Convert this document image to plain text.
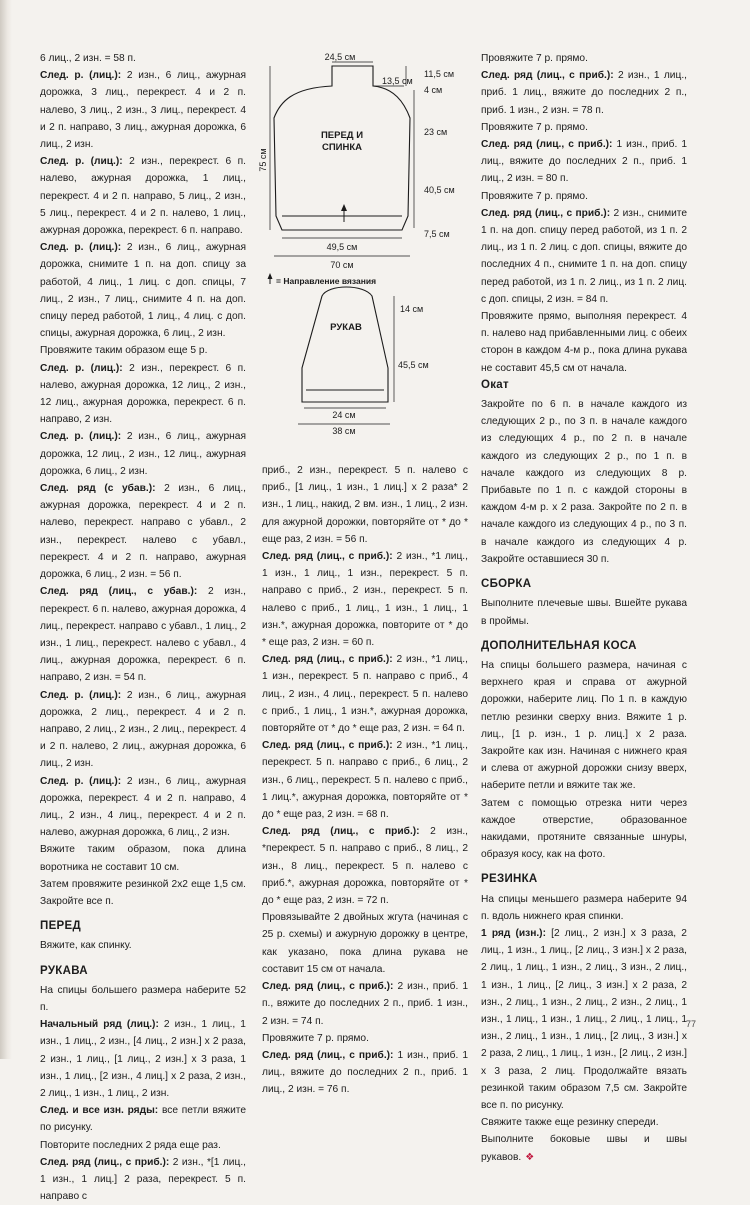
6 лиц., 2 изн. = 58 п.

След. р. (лиц.): 2 изн., 6 лиц., ажурная дорожка, 3 лиц., перекрест. 4 и 2 п. налево, 3 лиц., 2 изн., 3 лиц., перекрест. 4 и 2 п. направо, 3 лиц., ажурная дорожка, 6 лиц., 2 изн.

След. р. (лиц.): 2 изн., перекрест. 6 п. налево, ажурная дорожка, 1 лиц., перекрест. 4 и 2 п. направо, 5 лиц., 2 изн., 5 лиц., перекрест. 4 и 2 п. налево, 1 лиц., ажурная дорожка, перекрест. 6 п. направо.

След. р. (лиц.): 2 изн., 6 лиц., ажурная дорожка, снимите 1 п. на доп. спицу за работой, 4 лиц., 1 лиц. с доп. спицы, 7 лиц., 2 изн., 7 лиц., снимите 4 п. на доп. спицу перед работой, 1 лиц., 4 лиц. с доп. спицы, ажурная дорожка, 6 лиц., 2 изн.

Провяжите таким образом еще 5 р.

След. р. (лиц.): 2 изн., перекрест. 6 п. налево, ажурная дорожка, 12 лиц., 2 изн., 12 лиц., ажурная дорожка, перекрест. 6 п. направо, 2 изн.

След. р. (лиц.): 2 изн., 6 лиц., ажурная дорожка, 12 лиц., 2 изн., 12 лиц., ажурная дорожка, 6 лиц., 2 изн.

След. ряд (с убав.): 2 изн., 6 лиц., ажурная дорожка, перекрест. 4 и 2 п. налево, перекрест. направо с убавл., 2 изн., перекрест. налево с убавл., перекрест. 4 и 2 п. направо, ажурная дорожка, 6 лиц., 2 изн. = 56 п.

След. ряд (лиц., с убав.): 2 изн., перекрест. 6 п. налево, ажурная дорожка, 4 лиц., перекрест. направо с убавл., 1 лиц., 2 изн., 1 лиц., перекрест. налево с убавл., 4 лиц., ажурная дорожка, перекрест. 6 п. направо, 2 изн. = 54 п.

След. р. (лиц.): 2 изн., 6 лиц., ажурная дорожка, 2 лиц., перекрест. 4 и 2 п. направо, 2 лиц., 2 изн., 2 лиц., перекрест. 4 и 2 п. налево, 2 лиц., ажурная дорожка, 6 лиц., 2 изн.

След. р. (лиц.): 2 изн., 6 лиц., ажурная дорожка, перекрест. 4 и 2 п. направо, 4 лиц., 2 изн., 4 лиц., перекрест. 4 и 2 п. налево, ажурная дорожка, 6 лиц., 2 изн.

Вяжите таким образом, пока длина воротника не составит 10 см.

Затем провяжите резинкой 2х2 еще 1,5 см. Закройте все п.

ПЕРЕД

Вяжите, как спинку.

РУКАВА

На спицы большего размера наберите 52 п.

Начальный ряд (лиц.): 2 изн., 1 лиц., 1 изн., 1 лиц., 2 изн., [4 лиц., 2 изн.] х 2 раза, 2 изн., 1 лиц., [1 лиц., 2 изн.] х 3 раза, 1 изн., 1 лиц., [2 изн., 4 лиц.] х 2 раза, 2 изн., 2 лиц., 1 изн., 1 лиц., 2 изн.

След. и все изн. ряды: все петли вяжите по рисунку.

Повторите последних 2 ряда еще раз.

След. ряд (лиц., с приб.): 2 изн., *[1 лиц., 1 изн., 1 лиц.] 2 раза, перекрест. 5 п. направо с

24,5 см
13,5 см
11,5 см
4 см
23 см
40,5 см
7,5 см
75 см
49,5 см
70 см
ПЕРЕД И
СПИНКА
= Направление вязания
РУКАВ
14 см
45,5 см
24 см
38 см

приб., 2 изн., перекрест. 5 п. налево с приб., [1 лиц., 1 изн., 1 лиц.] х 2 раза* 2 изн., 1 лиц., накид, 2 вм. изн., 1 лиц., 2 изн. для ажурной дорожки, повторяйте от * до * еще раз, 2 изн. = 56 п.

След. ряд (лиц., с приб.): 2 изн., *1 лиц., 1 изн., 1 лиц., 1 изн., перекрест. 5 п. направо с приб., 2 изн., перекрест. 5 п. налево с приб., 1 лиц., 1 изн., 1 лиц., 1 изн.*, ажурная дорожка, повторите от * до * еще раз, 2 изн. = 60 п.

След. ряд (лиц., с приб.): 2 изн., *1 лиц., 1 изн., перекрест. 5 п. направо с приб., 4 лиц., 2 изн., 4 лиц., перекрест. 5 п. налево с приб., 1 лиц., 1 изн.*, ажурная дорожка, повторяйте от * до * еще раз, 2 изн. = 64 п.

След. ряд (лиц., с приб.): 2 изн., *1 лиц., перекрест. 5 п. направо с приб., 6 лиц., 2 изн., 6 лиц., перекрест. 5 п. налево с приб., 1 лиц.*, ажурная дорожка, повторяйте от * до * еще раз, 2 изн. = 68 п.

След. ряд (лиц., с приб.): 2 изн., *перекрест. 5 п. направо с приб., 8 лиц., 2 изн., 8 лиц., перекрест. 5 п. налево с приб.*, ажурная дорожка, повторяйте от * до * еще раз, 2 изн. = 72 п.

Провязывайте 2 двойных жгута (начиная с 25 р. схемы) и ажурную дорожку в центре, как указано, пока длина рукава не составит 15 см от начала.

След. ряд (лиц., с приб.): 2 изн., приб. 1 п., вяжите до последних 2 п., приб. 1 изн., 2 изн. = 74 п.

Провяжите 7 р. прямо.

След. ряд (лиц., с приб.): 1 изн., приб. 1 лиц., вяжите до последних 2 п., приб. 1 лиц., 2 изн. = 76 п.

Провяжите 7 р. прямо.

След. ряд (лиц., с приб.): 2 изн., 1 лиц., приб. 1 лиц., вяжите до последних 2 п., приб. 1 изн., 2 изн. = 78 п.

Провяжите 7 р. прямо.

След. ряд (лиц., с приб.): 1 изн., приб. 1 лиц., вяжите до последних 2 п., приб. 1 лиц., 2 изн. = 80 п.

Провяжите 7 р. прямо.

След. ряд (лиц., с приб.): 2 изн., снимите 1 п. на доп. спицу перед работой, из 1 п. 2 лиц., из 1 п. 2 лиц. с доп. спицы, вяжите до последних 4 п., снимите 1 п. на доп. спицу перед работой, из 1 п. 2 лиц., из 1 п. 2 лиц. с доп. спицы, 2 изн. = 84 п.

Провяжите прямо, выполняя перекрест. 4 п. налево над прибавленными лиц. с обеих сторон в каждом 4-м р., пока длина рукава не составит 45,5 см от начала.

Окат

Закройте по 6 п. в начале каждого из следующих 2 р., по 3 п. в начале каждого из следующих 4 р., по 2 п. в начале каждого из следующих 2 р., по 1 п. в начале каждого из следующих 8 р. Прибавьте по 1 п. с каждой стороны в каждом 4-м р. х 2 раза. Закройте по 2 п. в начале каждого из следующих 4 р., по 3 п. в начале каждого из следующих 4 р. Закройте оставшиеся 30 п.

СБОРКА

Выполните плечевые швы. Вшейте рукава в проймы.

ДОПОЛНИТЕЛЬНАЯ КОСА

На спицы большего размера, начиная с верхнего края и справа от ажурной дорожки, наберите лиц. По 1 п. в каждую петлю резинки сверху вниз. Вяжите 1 р. лиц., [1 р. изн., 1 р. лиц.] х 2 раза. Закройте как изн. Начиная с нижнего края и слева от ажурной дорожки снизу вверх, наберите петли и вяжите так же.

Затем с помощью отрезка нити через каждое отверстие, образованное накидами, протяните связанные шнуры, образуя косу, как на фото.

РЕЗИНКА

На спицы меньшего размера наберите 94 п. вдоль нижнего края спинки.

1 ряд (изн.): [2 лиц., 2 изн.] х 3 раза, 2 лиц., 1 изн., 1 лиц., [2 лиц., 3 изн.] х 2 раза, 2 лиц., 1 лиц., 1 изн., 2 лиц., 3 изн., 2 лиц., 1 изн., 1 лиц., [2 лиц., 3 изн.] х 2 раза, 2 изн., 2 лиц., 1 изн., 2 лиц., 2 изн., 2 лиц., 1 изн., 1 лиц., 1 изн., 1 лиц., 2 лиц., 1 лиц., 1 изн., 2 лиц., 1 изн., 1 лиц., [2 лиц., 3 изн.] х 2 раза, 2 лиц., 1 лиц., 1 изн., [2 лиц., 2 изн.] х 3 раза, 2 лиц. Продолжайте вязать резинкой таким образом 7,5 см. Закройте все п. по рисунку.

Свяжите также еще резинку спереди.

Выполните боковые швы и швы рукавов. ❖

77
